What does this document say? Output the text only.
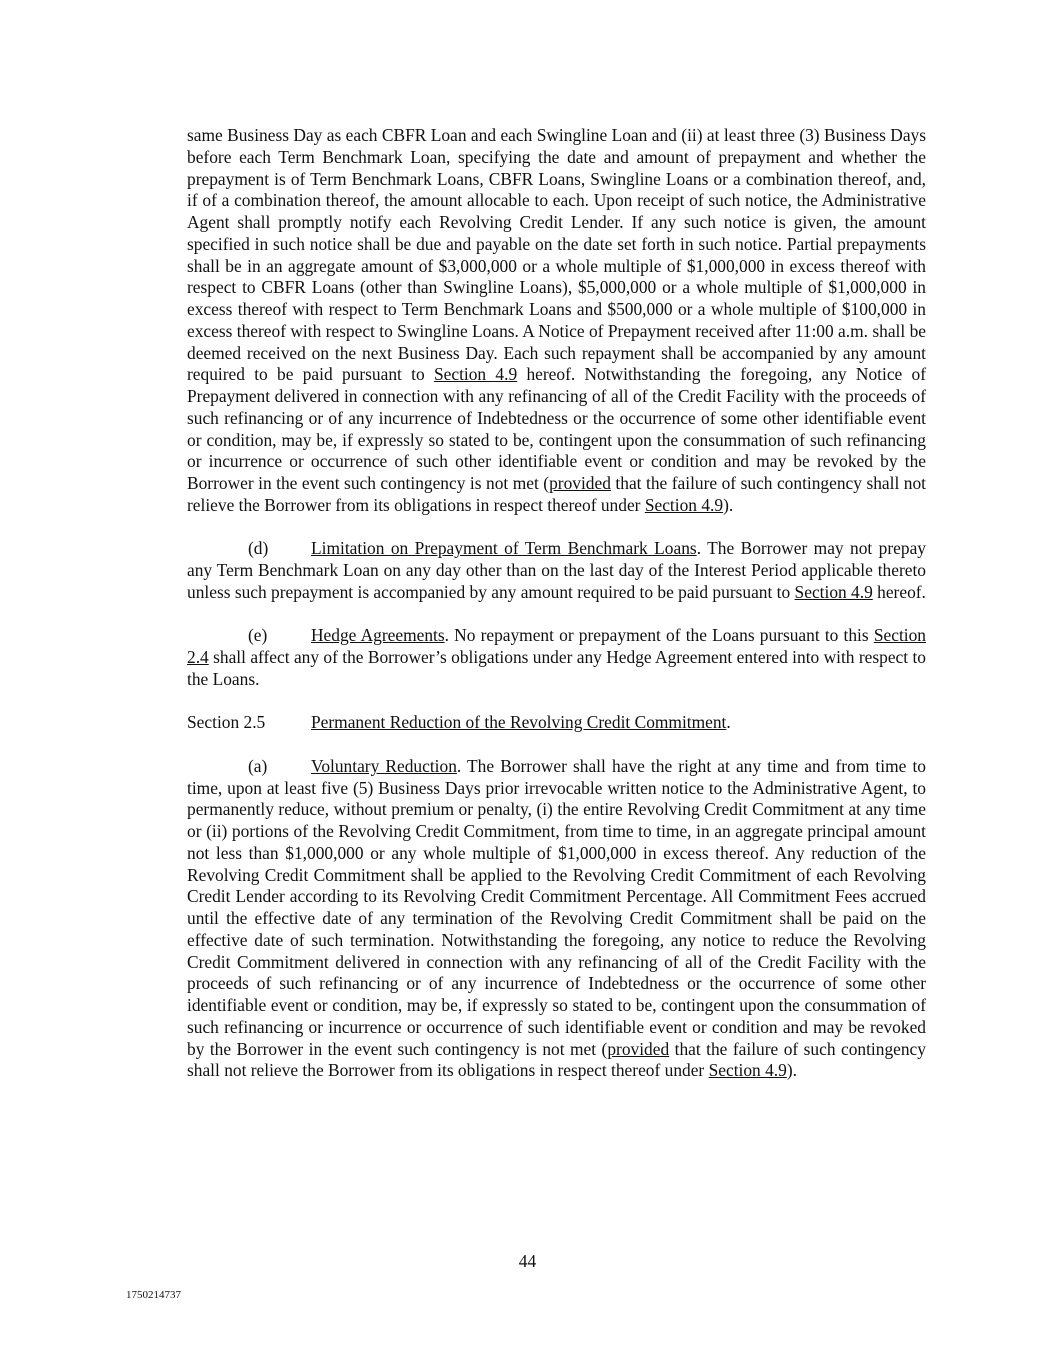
same Business Day as each CBFR Loan and each Swingline Loan and (ii) at least three (3) Business Days before each Term Benchmark Loan, specifying the date and amount of prepayment and whether the prepayment is of Term Benchmark Loans, CBFR Loans, Swingline Loans or a combination thereof, and, if of a combination thereof, the amount allocable to each. Upon receipt of such notice, the Administrative Agent shall promptly notify each Revolving Credit Lender. If any such notice is given, the amount specified in such notice shall be due and payable on the date set forth in such notice. Partial prepayments shall be in an aggregate amount of $3,000,000 or a whole multiple of $1,000,000 in excess thereof with respect to CBFR Loans (other than Swingline Loans), $5,000,000 or a whole multiple of $1,000,000 in excess thereof with respect to Term Benchmark Loans and $500,000 or a whole multiple of $100,000 in excess thereof with respect to Swingline Loans. A Notice of Prepayment received after 11:00 a.m. shall be deemed received on the next Business Day. Each such repayment shall be accompanied by any amount required to be paid pursuant to Section 4.9 hereof. Notwithstanding the foregoing, any Notice of Prepayment delivered in connection with any refinancing of all of the Credit Facility with the proceeds of such refinancing or of any incurrence of Indebtedness or the occurrence of some other identifiable event or condition, may be, if expressly so stated to be, contingent upon the consummation of such refinancing or incurrence or occurrence of such other identifiable event or condition and may be revoked by the Borrower in the event such contingency is not met (provided that the failure of such contingency shall not relieve the Borrower from its obligations in respect thereof under Section 4.9).

(d) Limitation on Prepayment of Term Benchmark Loans. The Borrower may not prepay any Term Benchmark Loan on any day other than on the last day of the Interest Period applicable thereto unless such prepayment is accompanied by any amount required to be paid pursuant to Section 4.9 hereof.

(e)	Hedge Agreements. No repayment or prepayment of the Loans pursuant to this Section 2.4 shall affect any of the Borrower’s obligations under any Hedge Agreement entered into with respect to the Loans.

Section 2.5	Permanent Reduction of the Revolving Credit Commitment.

(a)	Voluntary Reduction. The Borrower shall have the right at any time and from time to time, upon at least five (5) Business Days prior irrevocable written notice to the Administrative Agent, to permanently reduce, without premium or penalty, (i) the entire Revolving Credit Commitment at any time or (ii) portions of the Revolving Credit Commitment, from time to time, in an aggregate principal amount not less than $1,000,000 or any whole multiple of $1,000,000 in excess thereof. Any reduction of the Revolving Credit Commitment shall be applied to the Revolving Credit Commitment of each Revolving Credit Lender according to its Revolving Credit Commitment Percentage. All Commitment Fees accrued until the effective date of any termination of the Revolving Credit Commitment shall be paid on the effective date of such termination. Notwithstanding the foregoing, any notice to reduce the Revolving Credit Commitment delivered in connection with any refinancing of all of the Credit Facility with the proceeds of such refinancing or of any incurrence of Indebtedness or the occurrence of some other identifiable event or condition, may be, if expressly so stated to be, contingent upon the consummation of such refinancing or incurrence or occurrence of such identifiable event or condition and may be revoked by the Borrower in the event such contingency is not met (provided that the failure of such contingency shall not relieve the Borrower from its obligations in respect thereof under Section 4.9).

44
1750214737
